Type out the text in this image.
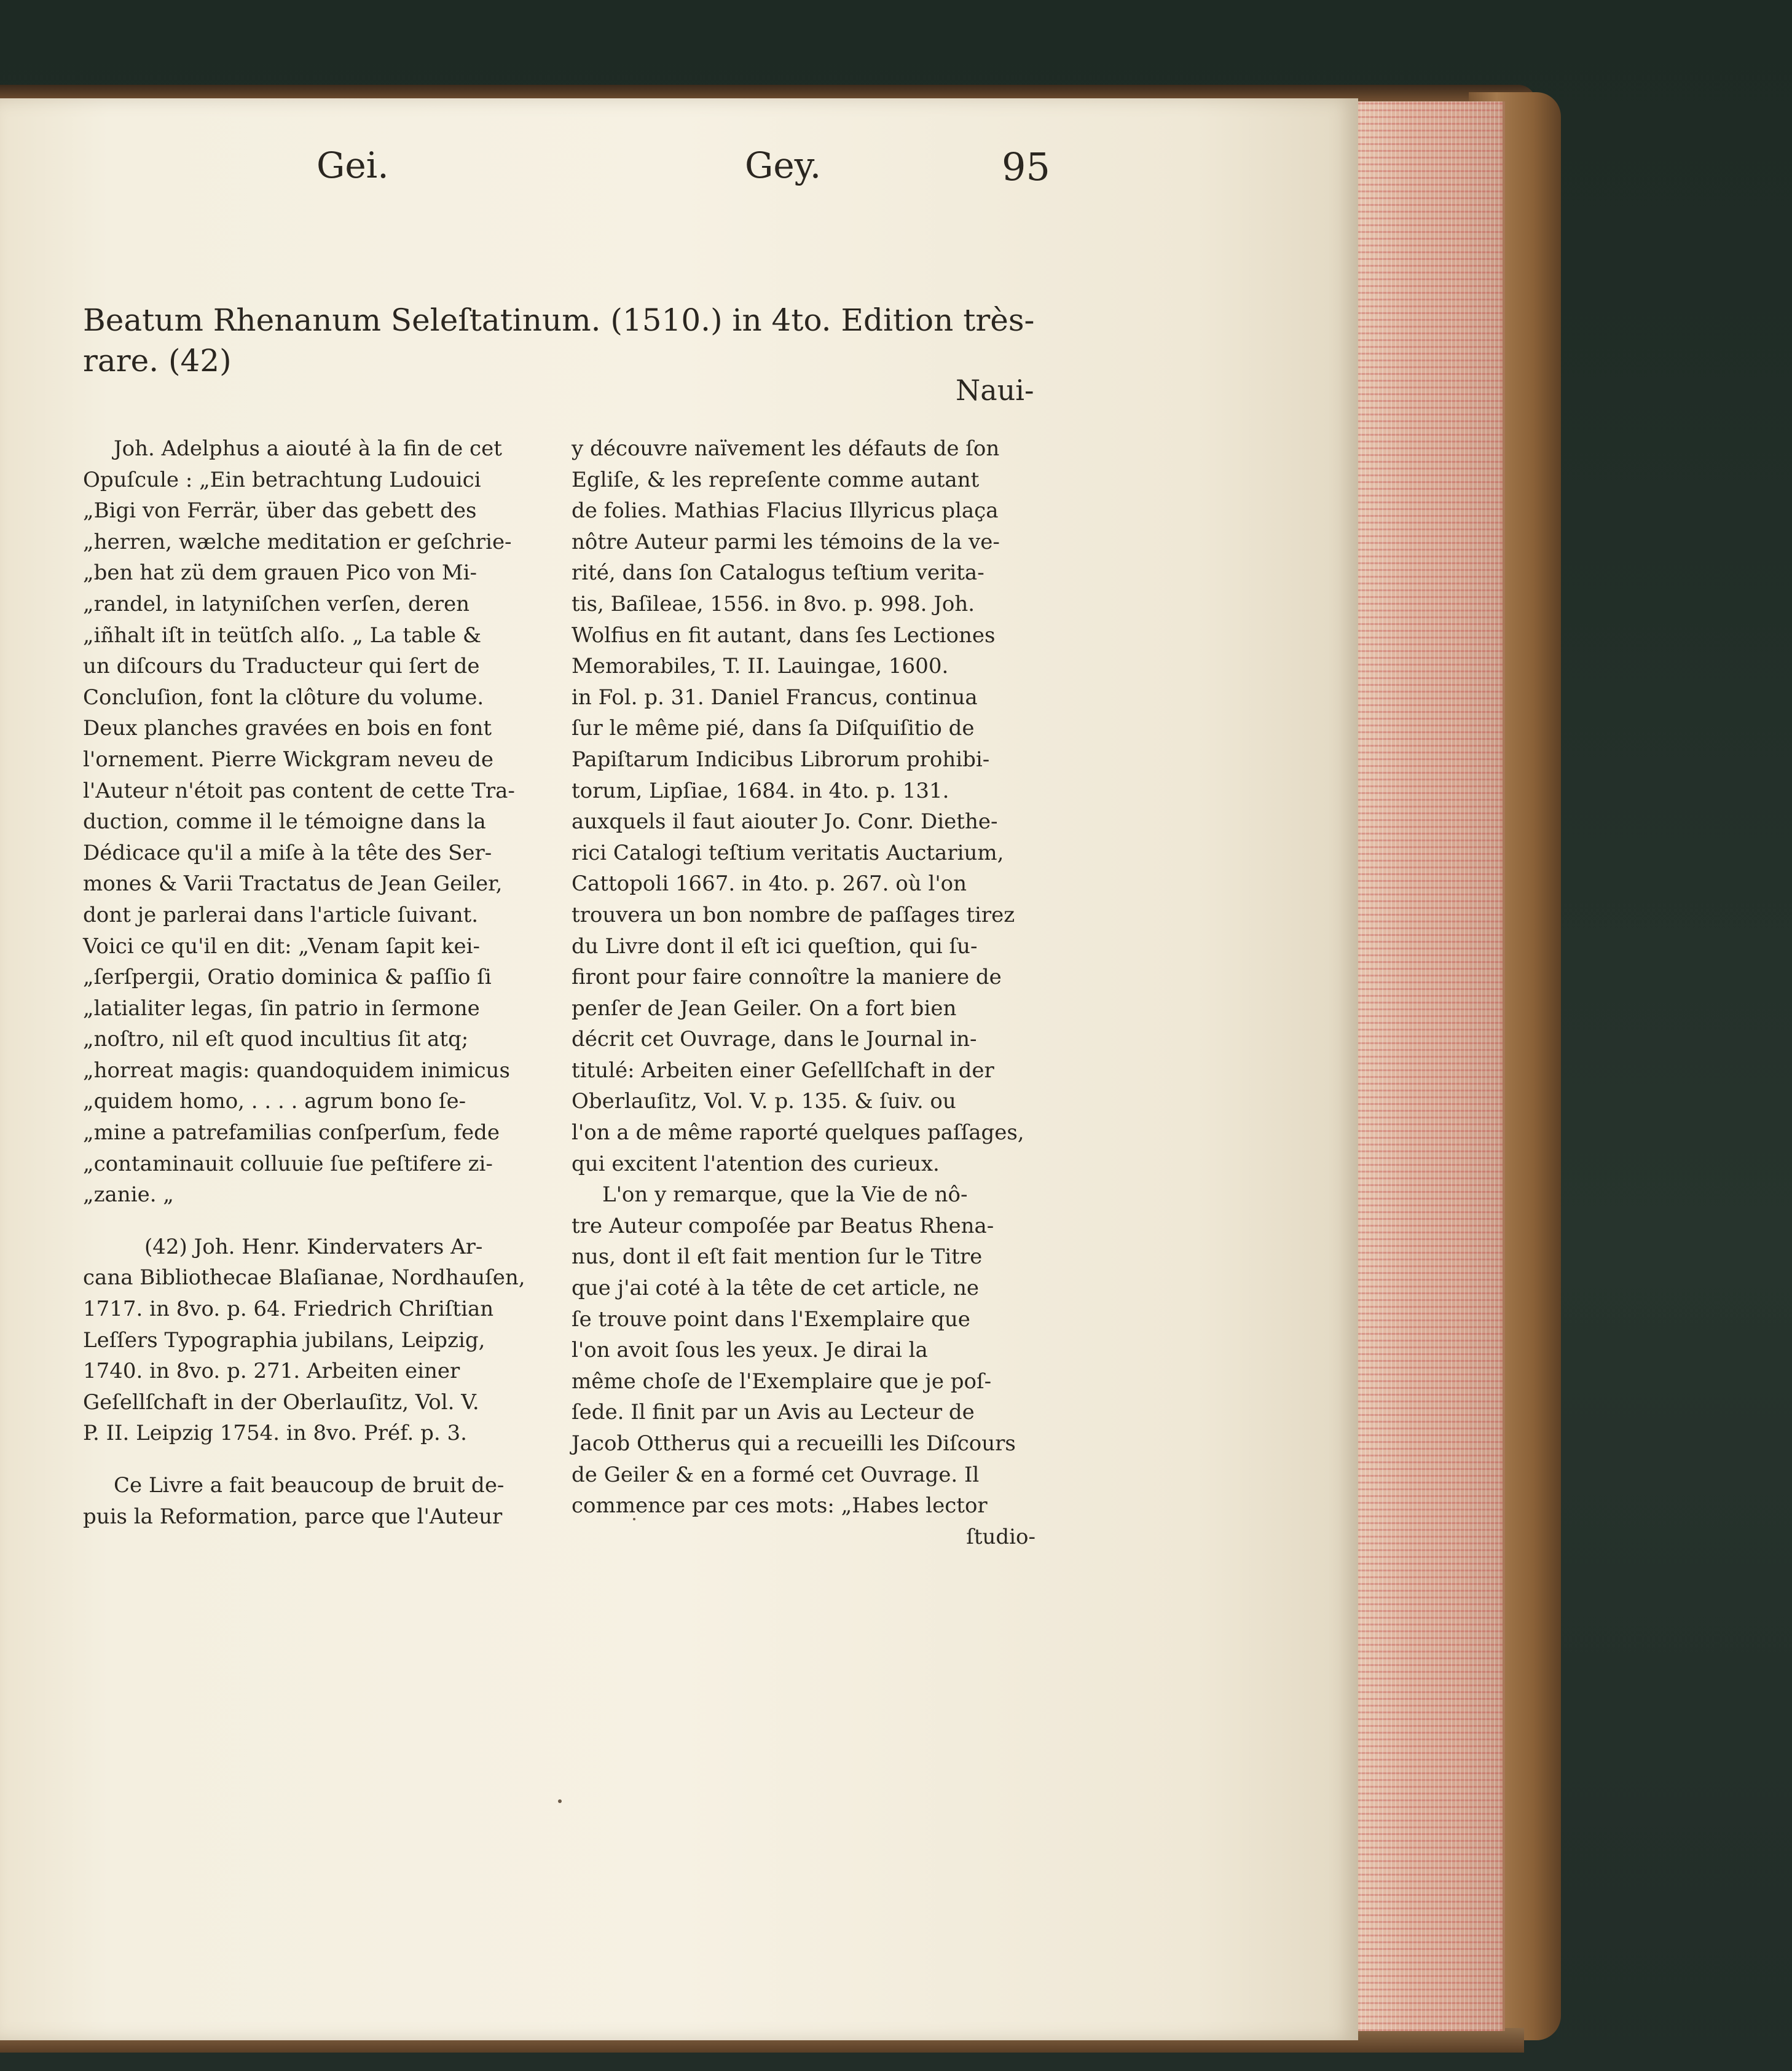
Gei.	Gey.	95
Beatum Rhenanum Seleſtatinum. (1510.) in 4to. Edition très-
rare. (42)
Naui-
Joh. Adelphus a aiouté à la fin de cet
Opuſcule : „Ein betrachtung Ludouici
„Bigi von Ferrär, über das gebett des
„herren, wælche meditation er geſchrie-
„ben hat zü dem grauen Pico von Mi-
„randel, in latyniſchen verſen, deren
„iñhalt iſt in teütſch alſo. „ La table &
un diſcours du Traducteur qui ſert de
Concluſion, font la clôture du volume.
Deux planches gravées en bois en font
l'ornement. Pierre Wickgram neveu de
l'Auteur n'étoit pas content de cette Tra-
duction, comme il le témoigne dans la
Dédicace qu'il a miſe à la tête des Ser-
mones & Varii Tractatus de Jean Geiler,
dont je parlerai dans l'article ſuivant.
Voici ce qu'il en dit: „Venam ſapit kei-
„ſerſpergii, Oratio dominica & paſſio ſi
„latialiter legas, ſin patrio in ſermone
„noſtro, nil eſt quod incultius ſit atq;
„horreat magis: quandoquidem inimicus
„quidem homo, . . . . agrum bono ſe-
„mine a patrefamilias conſperſum, fede
„contaminauit colluuie ſue peſtifere zi-
„zanie. „
(42) Joh. Henr. Kindervaters Ar-
cana Bibliothecae Blaſianae, Nordhauſen,
1717. in 8vo. p. 64. Friedrich Chriſtian
Leſſers Typographia jubilans, Leipzig,
1740. in 8vo. p. 271. Arbeiten einer
Geſellſchaft in der Oberlauſitz, Vol. V.
P. II. Leipzig 1754. in 8vo. Préf. p. 3.
Ce Livre a fait beaucoup de bruit de-
puis la Reformation, parce que l'Auteur
y découvre naïvement les défauts de ſon
Egliſe, & les repreſente comme autant
de folies. Mathias Flacius Illyricus plaça
nôtre Auteur parmi les témoins de la ve-
rité, dans ſon Catalogus teſtium verita-
tis, Baſileae, 1556. in 8vo. p. 998. Joh.
Wolfius en fit autant, dans ſes Lectiones
Memorabiles, T. II. Lauingae, 1600.
in Fol. p. 31. Daniel Francus, continua
ſur le même pié, dans ſa Diſquiſitio de
Papiſtarum Indicibus Librorum prohibi-
torum, Lipſiae, 1684. in 4to. p. 131.
auxquels il faut aiouter Jo. Conr. Diethe-
rici Catalogi teſtium veritatis Auctarium,
Cattopoli 1667. in 4to. p. 267. où l'on
trouvera un bon nombre de paſſages tirez
du Livre dont il eſt ici queſtion, qui ſu-
firont pour faire connoître la maniere de
penſer de Jean Geiler. On a fort bien
décrit cet Ouvrage, dans le Journal in-
titulé: Arbeiten einer Geſellſchaft in der
Oberlauſitz, Vol. V. p. 135. & ſuiv. ou
l'on a de même raporté quelques paſſages,
qui excitent l'atention des curieux.
L'on y remarque, que la Vie de nô-
tre Auteur compoſée par Beatus Rhena-
nus, dont il eſt fait mention ſur le Titre
que j'ai coté à la tête de cet article, ne
ſe trouve point dans l'Exemplaire que
l'on avoit ſous les yeux. Je dirai la
même choſe de l'Exemplaire que je poſ-
ſede. Il finit par un Avis au Lecteur de
Jacob Ottherus qui a recueilli les Diſcours
de Geiler & en a formé cet Ouvrage. Il
commence par ces mots: „Habes lector
ſtudio-
